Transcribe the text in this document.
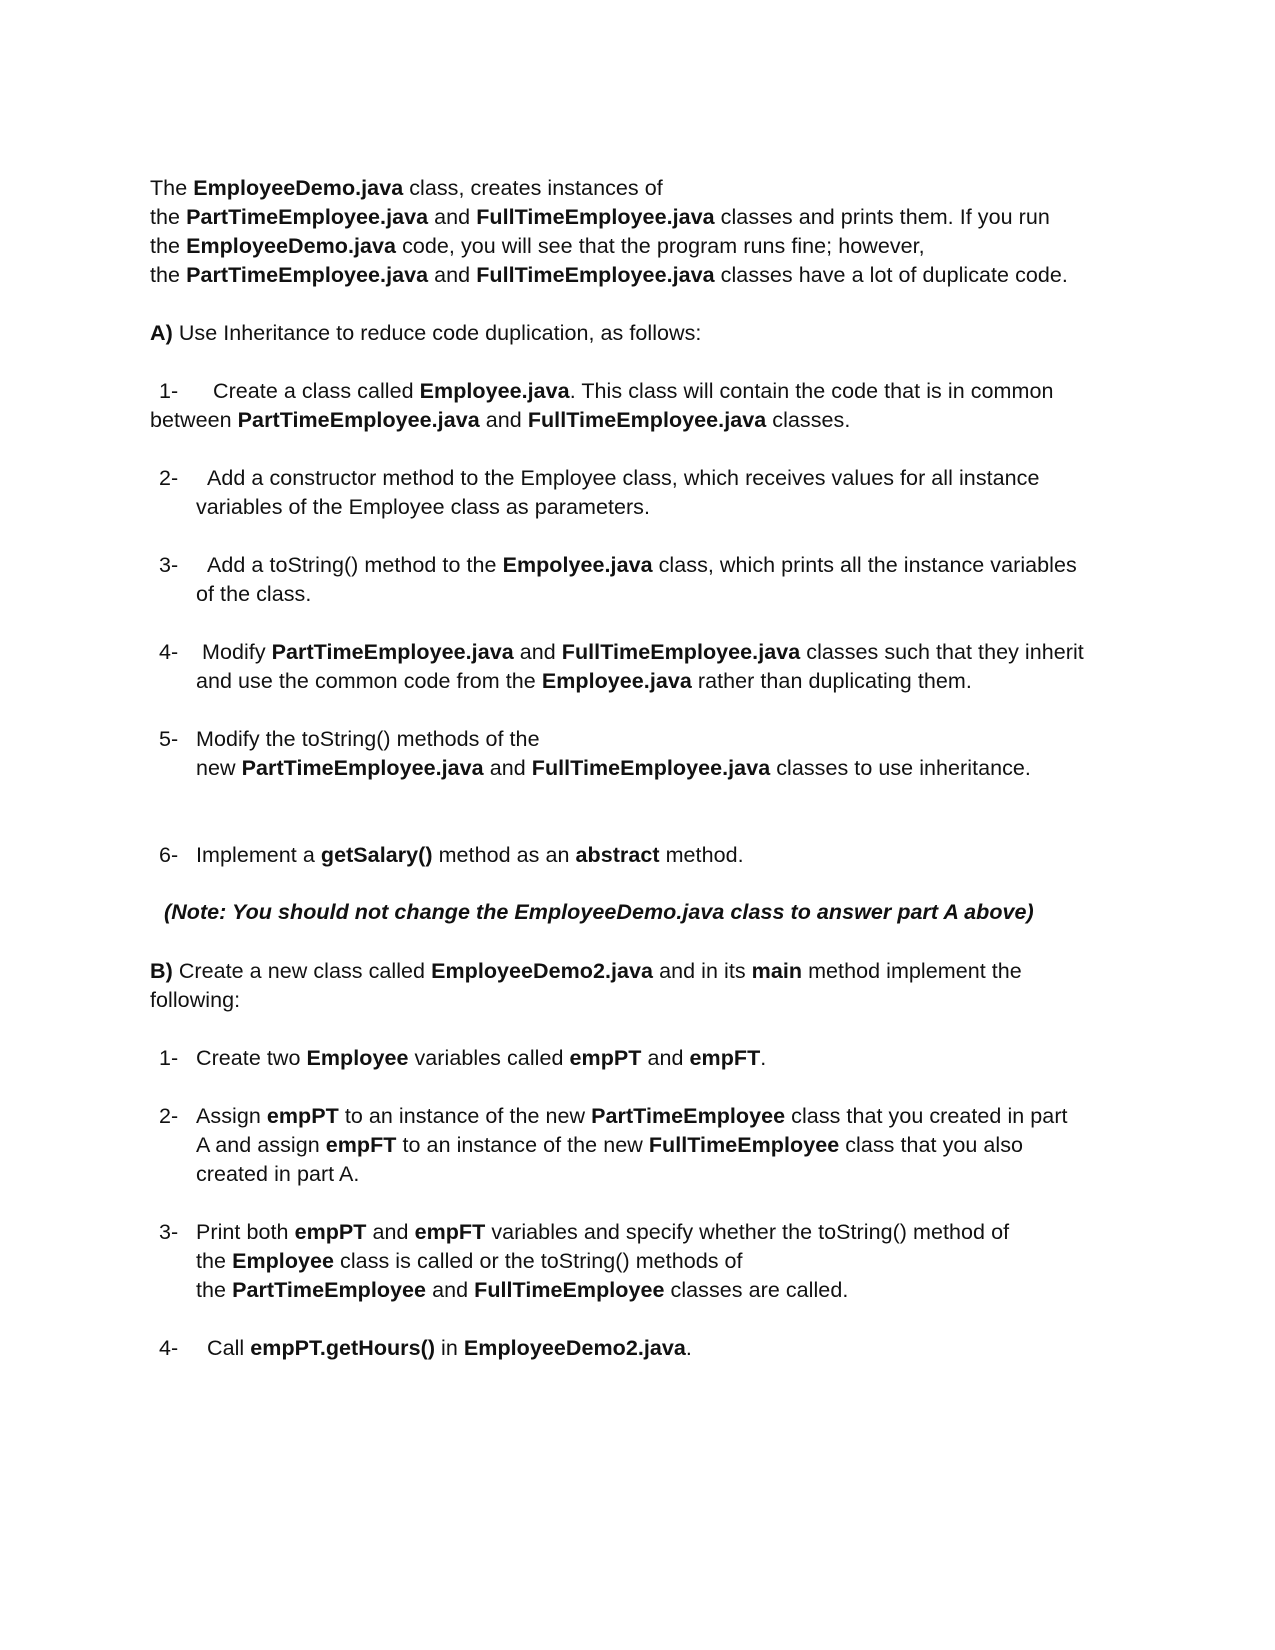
The EmployeeDemo.java class, creates instances of
the PartTimeEmployee.java and FullTimeEmployee.java classes and prints them. If you run
the EmployeeDemo.java code, you will see that the program runs fine; however,
the PartTimeEmployee.java and FullTimeEmployee.java classes have a lot of duplicate code.
A) Use Inheritance to reduce code duplication, as follows:
1- Create a class called Employee.java. This class will contain the code that is in common
between PartTimeEmployee.java and FullTimeEmployee.java classes.
2- Add a constructor method to the Employee class, which receives values for all instance
variables of the Employee class as parameters.
3- Add a toString() method to the Empolyee.java class, which prints all the instance variables
of the class.
4- Modify PartTimeEmployee.java and FullTimeEmployee.java classes such that they inherit
and use the common code from the Employee.java rather than duplicating them.
5- Modify the toString() methods of the
new PartTimeEmployee.java and FullTimeEmployee.java classes to use inheritance.
6- Implement a getSalary() method as an abstract method.
(Note: You should not change the EmployeeDemo.java class to answer part A above)
B) Create a new class called EmployeeDemo2.java and in its main method implement the
following:
1- Create two Employee variables called empPT and empFT.
2- Assign empPT to an instance of the new PartTimeEmployee class that you created in part
A and assign empFT to an instance of the new FullTimeEmployee class that you also
created in part A.
3- Print both empPT and empFT variables and specify whether the toString() method of
the Employee class is called or the toString() methods of
the PartTimeEmployee and FullTimeEmployee classes are called.
4- Call empPT.getHours() in EmployeeDemo2.java.
